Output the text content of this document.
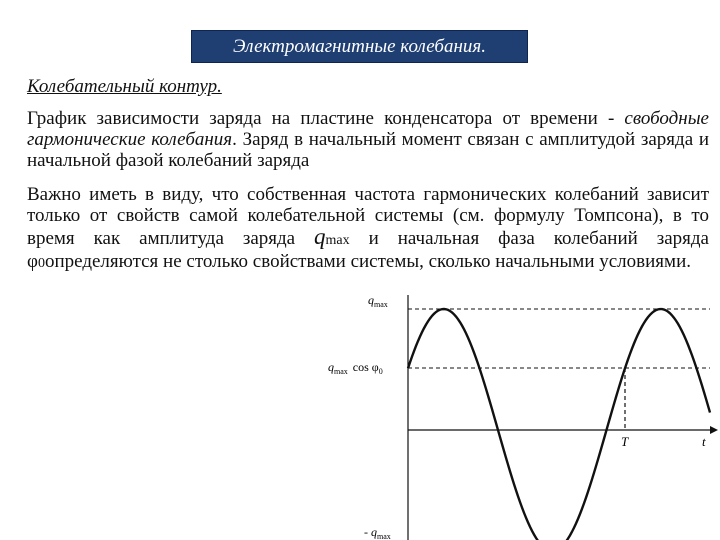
Электромагнитные колебания.
Колебательный контур.
График зависимости заряда на пластине конденсатора от времени - свободные гармонические колебания. Заряд в начальный момент связан с амплитудой заряда и начальной фазой колебаний заряда
Важно иметь в виду, что собственная частота гармонических колебаний зависит только от свойств самой колебательной системы (см. формулу Томпсона), в то время как амплитуда заряда qmax и начальная фаза колебаний заряда φ0определяются не столько свойствами системы, сколько начальными условиями.
$q_{max}$
$q_{max}$ $\cos \varphi_0$
- $q_{max}$
t
T
